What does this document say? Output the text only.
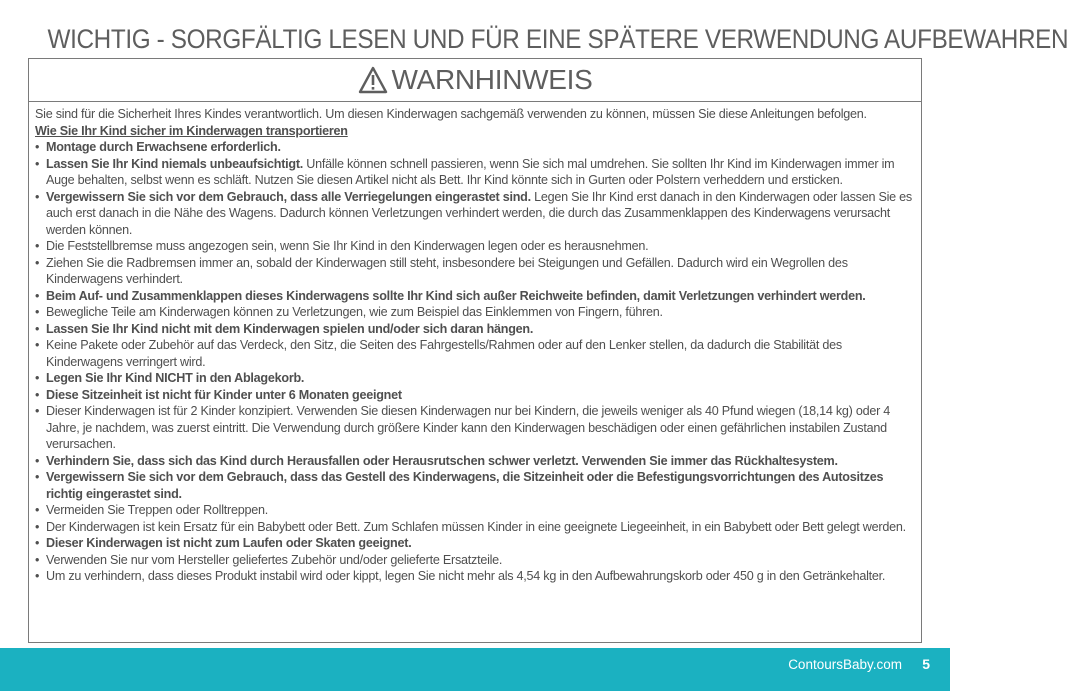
WICHTIG - SORGFÄLTIG LESEN UND FÜR EINE SPÄTERE VERWENDUNG AUFBEWAHREN
WARNHINWEIS

Sie sind für die Sicherheit Ihres Kindes verantwortlich. Um diesen Kinderwagen sachgemäß verwenden zu können, müssen Sie diese Anleitungen befolgen.

Wie Sie Ihr Kind sicher im Kinderwagen transportieren

• Montage durch Erwachsene erforderlich.
• Lassen Sie Ihr Kind niemals unbeaufsichtigt. Unfälle können schnell passieren, wenn Sie sich mal umdrehen. Sie sollten Ihr Kind im Kinderwagen immer im Auge behalten, selbst wenn es schläft. Nutzen Sie diesen Artikel nicht als Bett. Ihr Kind könnte sich in Gurten oder Polstern verheddern und ersticken.
• Vergewissern Sie sich vor dem Gebrauch, dass alle Verriegelungen eingerastet sind. Legen Sie Ihr Kind erst danach in den Kinderwagen oder lassen Sie es auch erst danach in die Nähe des Wagens. Dadurch können Verletzungen verhindert werden, die durch das Zusammenklappen des Kinderwagens verursacht werden können.
• Die Feststellbremse muss angezogen sein, wenn Sie Ihr Kind in den Kinderwagen legen oder es herausnehmen.
• Ziehen Sie die Radbremsen immer an, sobald der Kinderwagen still steht, insbesondere bei Steigungen und Gefällen. Dadurch wird ein Wegrollen des Kinderwagens verhindert.
• Beim Auf- und Zusammenklappen dieses Kinderwagens sollte Ihr Kind sich außer Reichweite befinden, damit Verletzungen verhindert werden.
• Bewegliche Teile am Kinderwagen können zu Verletzungen, wie zum Beispiel das Einklemmen von Fingern, führen.
• Lassen Sie Ihr Kind nicht mit dem Kinderwagen spielen und/oder sich daran hängen.
• Keine Pakete oder Zubehör auf das Verdeck, den Sitz, die Seiten des Fahrgestells/Rahmen oder auf den Lenker stellen, da dadurch die Stabilität des Kinderwagens verringert wird.
• Legen Sie Ihr Kind NICHT in den Ablagekorb.
• Diese Sitzeinheit ist nicht für Kinder unter 6 Monaten geeignet
• Dieser Kinderwagen ist für 2 Kinder konzipiert. Verwenden Sie diesen Kinderwagen nur bei Kindern, die jeweils weniger als 40 Pfund wiegen (18,14 kg) oder 4 Jahre, je nachdem, was zuerst eintritt. Die Verwendung durch größere Kinder kann den Kinderwagen beschädigen oder einen gefährlichen instabilen Zustand verursachen.
• Verhindern Sie, dass sich das Kind durch Herausfallen oder Herausrutschen schwer verletzt. Verwenden Sie immer das Rückhaltesystem.
• Vergewissern Sie sich vor dem Gebrauch, dass das Gestell des Kinderwagens, die Sitzeinheit oder die Befestigungsvorrichtungen des Autositzes richtig eingerastet sind.
• Vermeiden Sie Treppen oder Rolltreppen.
• Der Kinderwagen ist kein Ersatz für ein Babybett oder Bett. Zum Schlafen müssen Kinder in eine geeignete Liegeeinheit, in ein Babybett oder Bett gelegt werden.
• Dieser Kinderwagen ist nicht zum Laufen oder Skaten geeignet.
• Verwenden Sie nur vom Hersteller geliefertes Zubehör und/oder gelieferte Ersatzteile.
• Um zu verhindern, dass dieses Produkt instabil wird oder kippt, legen Sie nicht mehr als 4,54 kg in den Aufbewahrungskorb oder 450 g in den Getränkehalter.
ContoursBaby.com 5
